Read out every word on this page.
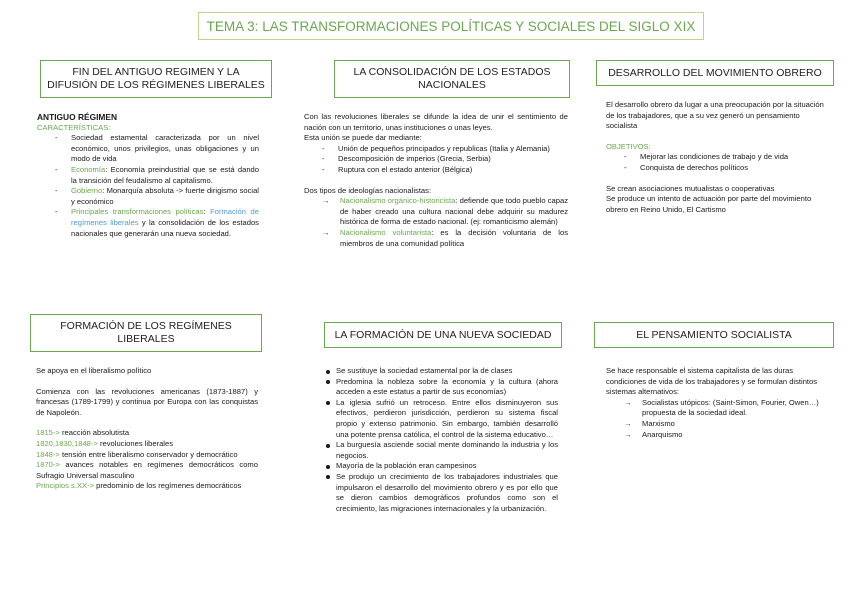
TEMA 3: LAS TRANSFORMACIONES POLÍTICAS Y SOCIALES DEL SIGLO XIX
FIN DEL ANTIGUO REGIMEN Y LA DIFUSIÓN DE LOS RÉGIMENES LIBERALES
LA CONSOLIDACIÓN DE LOS ESTADOS NACIONALES
DESARROLLO DEL MOVIMIENTO OBRERO
FORMACIÓN DE LOS REGÍMENES LIBERALES	LA FORMACIÓN DE UNA NUEVA SOCIEDAD	EL PENSAMIENTO SOCIALISTA

ANTIGUO RÉGIMEN

CARACTERÍSTICAS:

- Sociedad estamental caracterizada por un nivel económico, unos privilegios, unas obligaciones y un modo de vida
- Economía: Economía preindustrial que se está dando la transición del feudalismo al capitalismo.
- Gobierno: Monarquía absoluta -> fuerte dirigismo social y económico
- Principales transformaciones políticas: Formación de regímenes liberales y la consolidación de los estados nacionales que generarán una nueva sociedad.

Con las revoluciones liberales se difunde la idea de unir el sentimiento de nación con un territorio, unas instituciones o unas leyes.

Esta unión se puede dar mediante:

- Unión de pequeños principados y republicas (Italia y Alemania)
- Descomposición de imperios (Grecia, Serbia)
- Ruptura con el estado anterior (Bélgica)

Dos tipos de ideologías nacionalistas:

→ Nacionalismo orgánico-historicista: defiende que todo pueblo capaz de haber creado una cultura nacional debe adquirir su madurez histórica de forma de estado nacional. (ej: romanticismo alemán)
→ Nacionalismo voluntarista: es la decisión voluntaria de los miembros de una comunidad política

El desarrollo obrero da lugar a una preocupación por la situación de los trabajadores, que a su vez generó un pensamiento socialista

OBJETIVOS:

- Mejorar las condiciones de trabajo y de vida
- Conquista de derechos políticos

Se crean asociaciones mutualistas o cooperativas

Se produce un intento de actuación por parte del movimiento obrero en Reino Unido, El Cartismo

Se apoya en el liberalismo político

Comienza con las revoluciones americanas (1873-1887) y francesas (1789-1799) y continua por Europa con las conquistas de Napoleón.

1815-> reacción absolutista

1820,1830,1848-> revoluciones liberales

1848-> tensión entre liberalismo conservador y democrático

1870-> avances notables en regímenes democráticos como Sufragio Universal masculino

Principios s.XX-> predominio de los regímenes democráticos

Se sustituye la sociedad estamental por la de clases
Predomina la nobleza sobre la economía y la cultura (ahora acceden a este estatus a partir de sus economías)
La iglesia sufrió un retroceso. Entre ellos disminuyeron sus efectivos, perdieron jurisdicción, perdieron su sistema fiscal propio y extenso patrimonio. Sin embargo, también desarrolló una potente prensa católica, el control de la sistema educativo…
La burguesía asciende social mente dominando la industria y los negocios.
Mayoría de la población eran campesinos
Se produjo un crecimiento de los trabajadores industriales que impulsaron el desarrollo del movimiento obrero y es por ello que se dieron cambios demográficos profundos como son el crecimiento, las migraciones internacionales y la urbanización.

Se hace responsable el sistema capitalista de las duras condiciones de vida de los trabajadores y se formulan distintos sistemas alternativos:

→ Socialistas utópicos: (Saint-Simon, Fourier, Owen…) propuesta de la sociedad ideal.
→ Marxismo
→ Anarquismo
